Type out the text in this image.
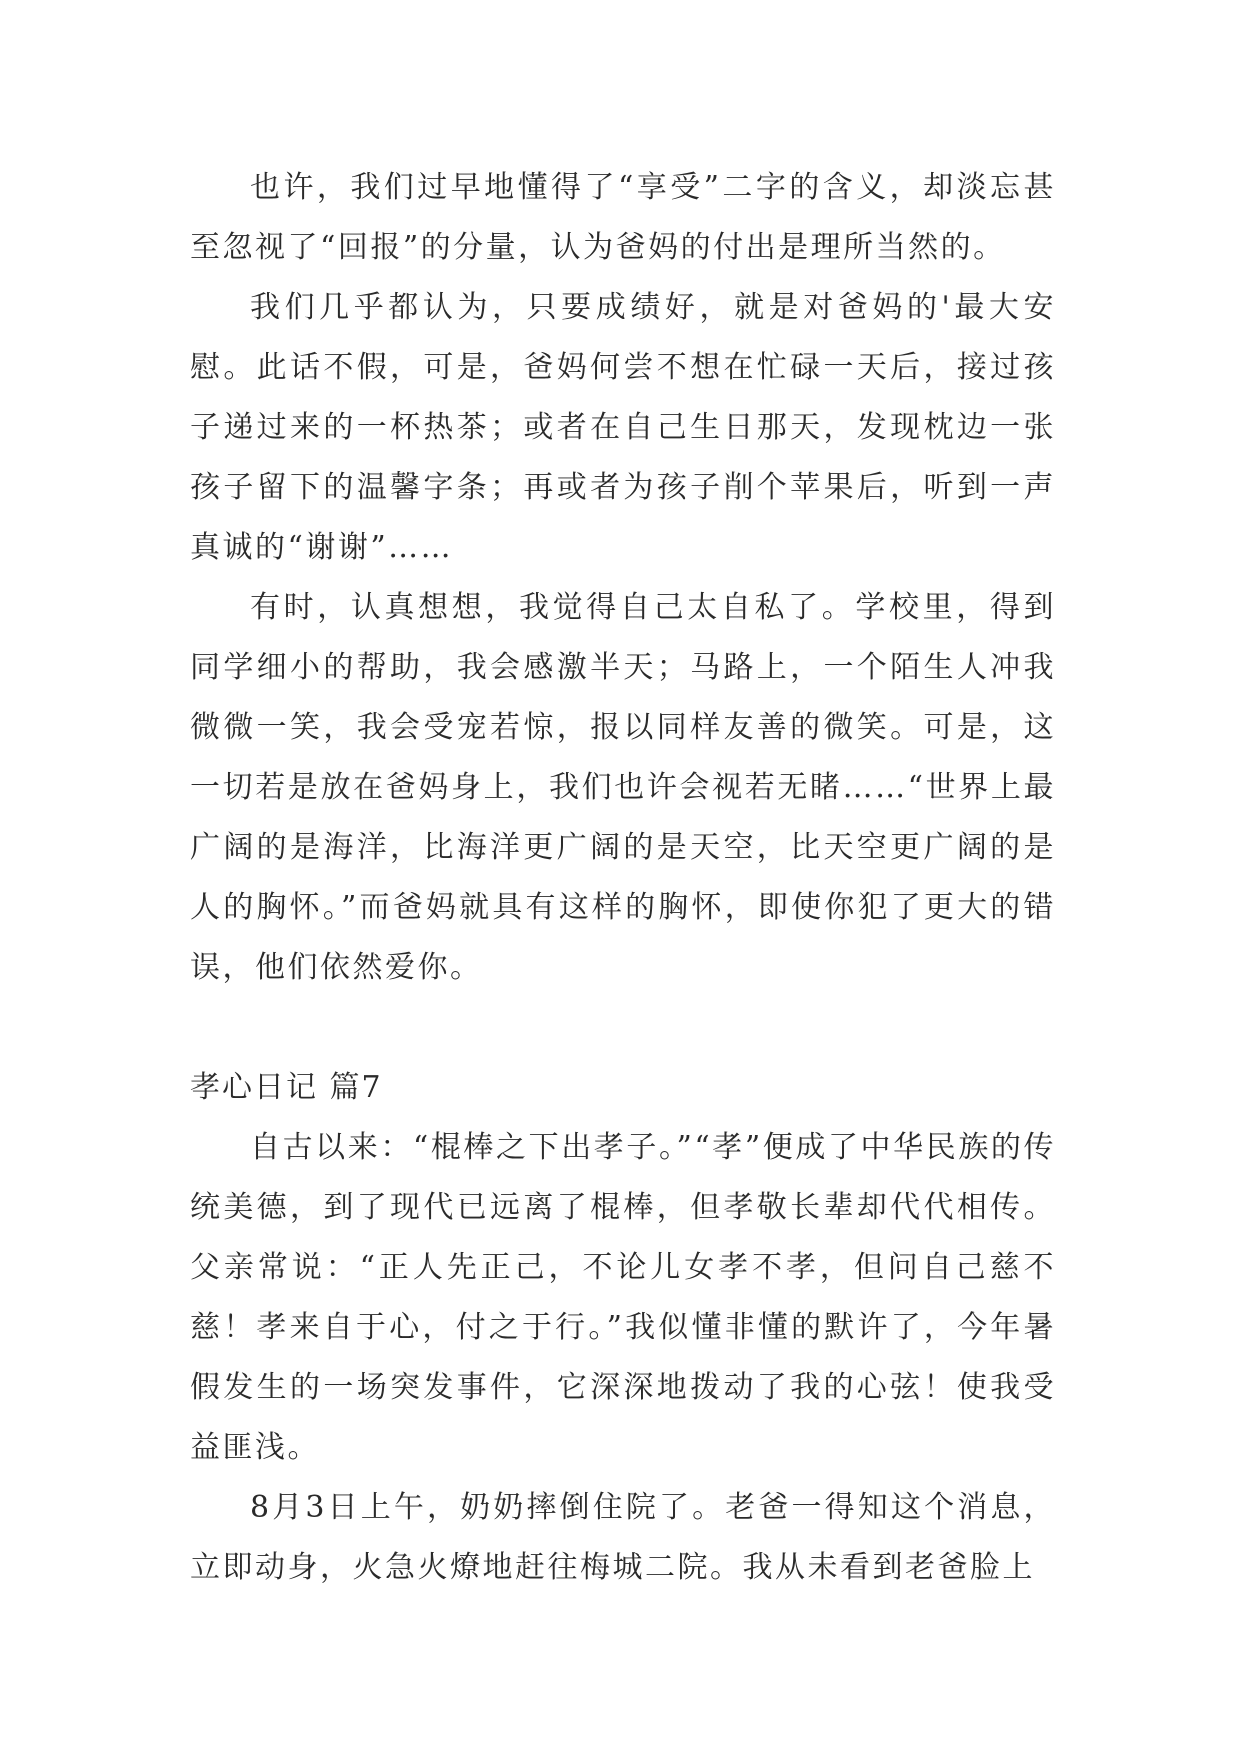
也许，我们过早地懂得了“享受”二字的含义，却淡忘甚至忽视了“回报”的分量，认为爸妈的付出是理所当然的。

我们几乎都认为，只要成绩好，就是对爸妈的'最大安慰。此话不假，可是，爸妈何尝不想在忙碌一天后，接过孩子递过来的一杯热茶；或者在自己生日那天，发现枕边一张孩子留下的温馨字条；再或者为孩子削个苹果后，听到一声真诚的“谢谢”……

有时，认真想想，我觉得自己太自私了。学校里，得到同学细小的帮助，我会感激半天；马路上，一个陌生人冲我微微一笑，我会受宠若惊，报以同样友善的微笑。可是，这一切若是放在爸妈身上，我们也许会视若无睹……“世界上最广阔的是海洋，比海洋更广阔的是天空，比天空更广阔的是人的胸怀。”而爸妈就具有这样的胸怀，即使你犯了更大的错误，他们依然爱你。

孝心日记 篇7

自古以来：“棍棒之下出孝子。”“孝”便成了中华民族的传统美德，到了现代已远离了棍棒，但孝敬长辈却代代相传。父亲常说：“正人先正己，不论儿女孝不孝，但问自己慈不慈！孝来自于心，付之于行。”我似懂非懂的默许了，今年暑假发生的一场突发事件，它深深地拨动了我的心弦！使我受益匪浅。

8月3日上午，奶奶摔倒住院了。老爸一得知这个消息，立即动身，火急火燎地赶往梅城二院。我从未看到老爸脸上
